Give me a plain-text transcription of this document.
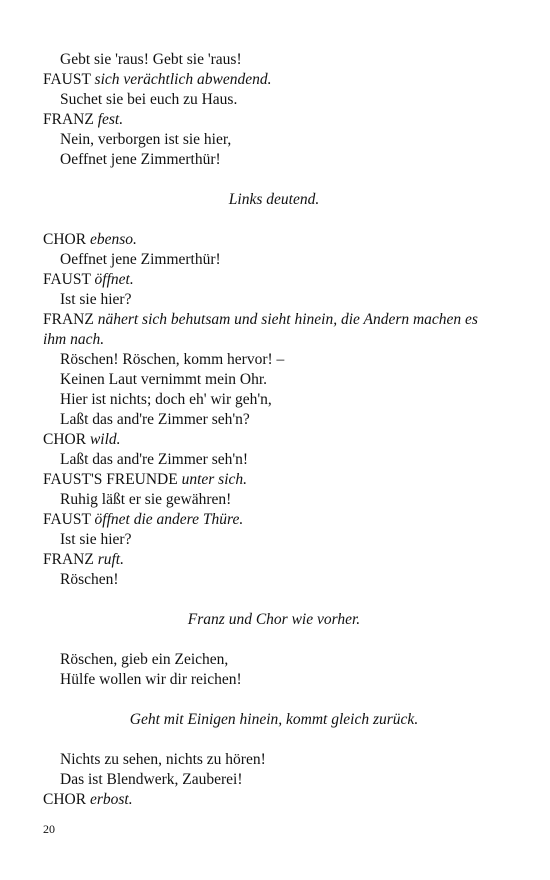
Gebt sie 'raus! Gebt sie 'raus!
FAUST sich verächtlich abwendend.
Suchet sie bei euch zu Haus.
FRANZ fest.
Nein, verborgen ist sie hier,
Oeffnet jene Zimmerthür!
Links deutend.
CHOR ebenso.
Oeffnet jene Zimmerthür!
FAUST öffnet.
Ist sie hier?
FRANZ nähert sich behutsam und sieht hinein, die Andern machen es ihm nach.
Röschen! Röschen, komm hervor! –
Keinen Laut vernimmt mein Ohr.
Hier ist nichts; doch eh' wir geh'n,
Laßt das and're Zimmer seh'n?
CHOR wild.
Laßt das and're Zimmer seh'n!
FAUST'S FREUNDE unter sich.
Ruhig läßt er sie gewähren!
FAUST öffnet die andere Thüre.
Ist sie hier?
FRANZ ruft.
Röschen!
Franz und Chor wie vorher.
Röschen, gieb ein Zeichen,
Hülfe wollen wir dir reichen!
Geht mit Einigen hinein, kommt gleich zurück.
Nichts zu sehen, nichts zu hören!
Das ist Blendwerk, Zauberei!
CHOR erbost.
20
